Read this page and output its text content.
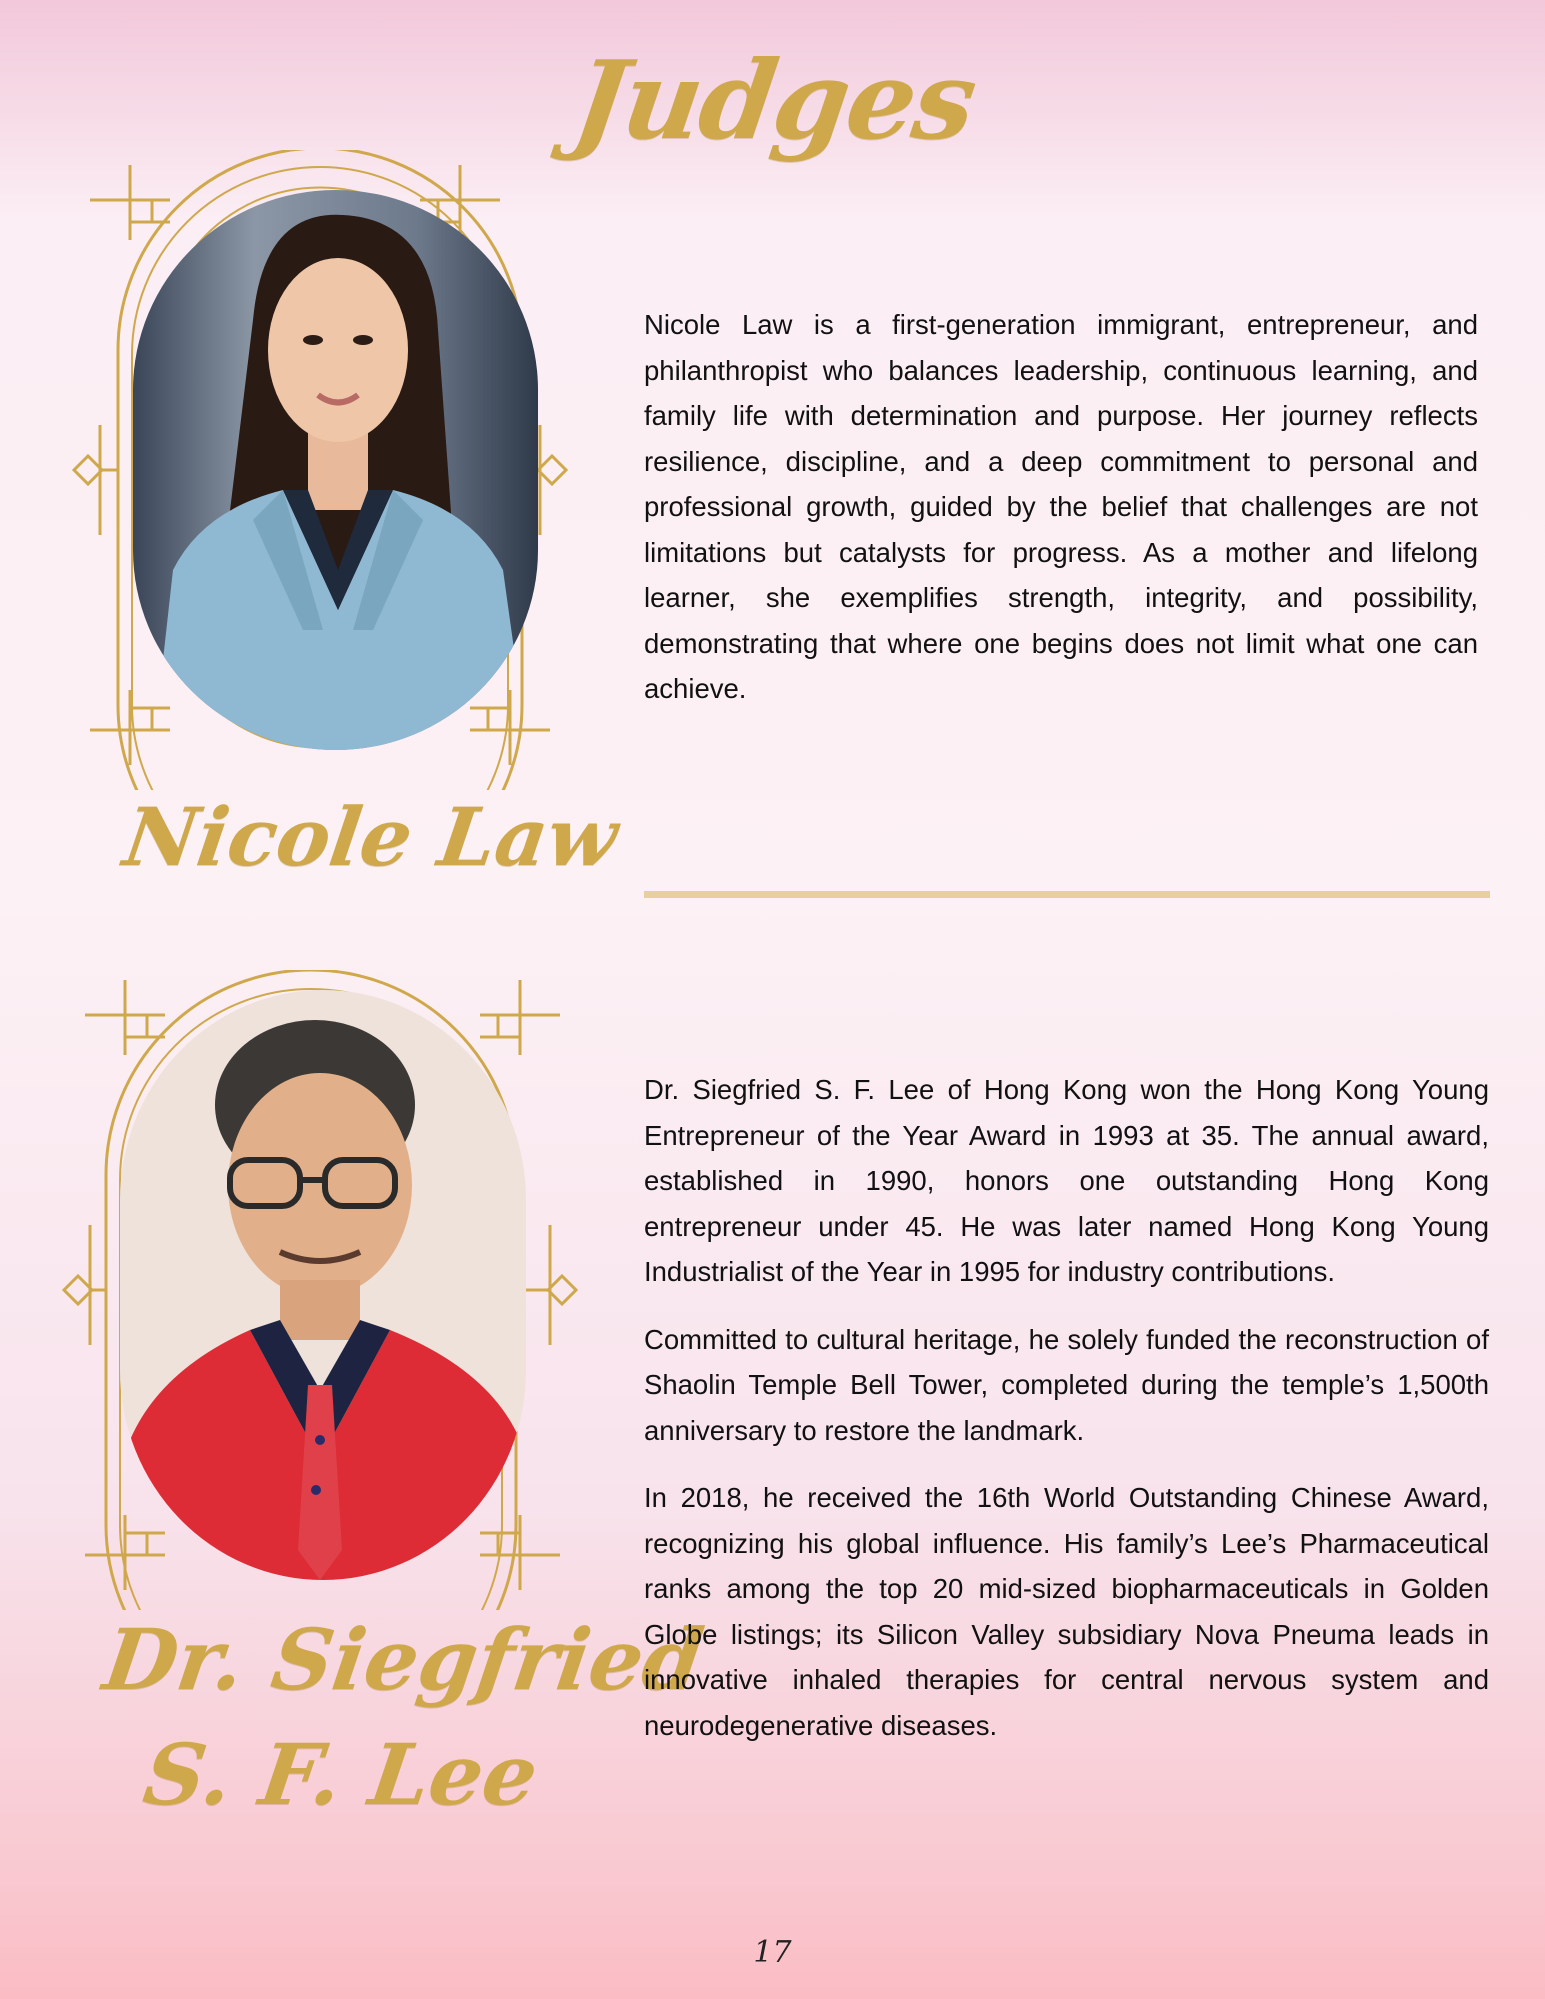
Judges
Nicole Law

Nicole Law is a first-generation immigrant, entrepreneur, and philanthropist who balances leadership, continuous learning, and family life with determination and purpose. Her journey reflects resilience, discipline, and a deep commitment to personal and professional growth, guided by the belief that challenges are not limitations but catalysts for progress. As a mother and lifelong learner, she exemplifies strength, integrity, and possibility, demonstrating that where one begins does not limit what one can achieve.

Dr. Siegfried
S. F. Lee

Dr. Siegfried S. F. Lee of Hong Kong won the Hong Kong Young Entrepreneur of the Year Award in 1993 at 35. The annual award, established in 1990, honors one outstanding Hong Kong entrepreneur under 45. He was later named Hong Kong Young Industrialist of the Year in 1995 for industry contributions.

Committed to cultural heritage, he solely funded the reconstruction of Shaolin Temple Bell Tower, completed during the temple’s 1,500th anniversary to restore the landmark.

In 2018, he received the 16th World Outstanding Chinese Award, recognizing his global influence. His family’s Lee’s Pharmaceutical ranks among the top 20 mid-sized biopharmaceuticals in Golden Globe listings; its Silicon Valley subsidiary Nova Pneuma leads in innovative inhaled therapies for central nervous system and neurodegenerative diseases.

17
